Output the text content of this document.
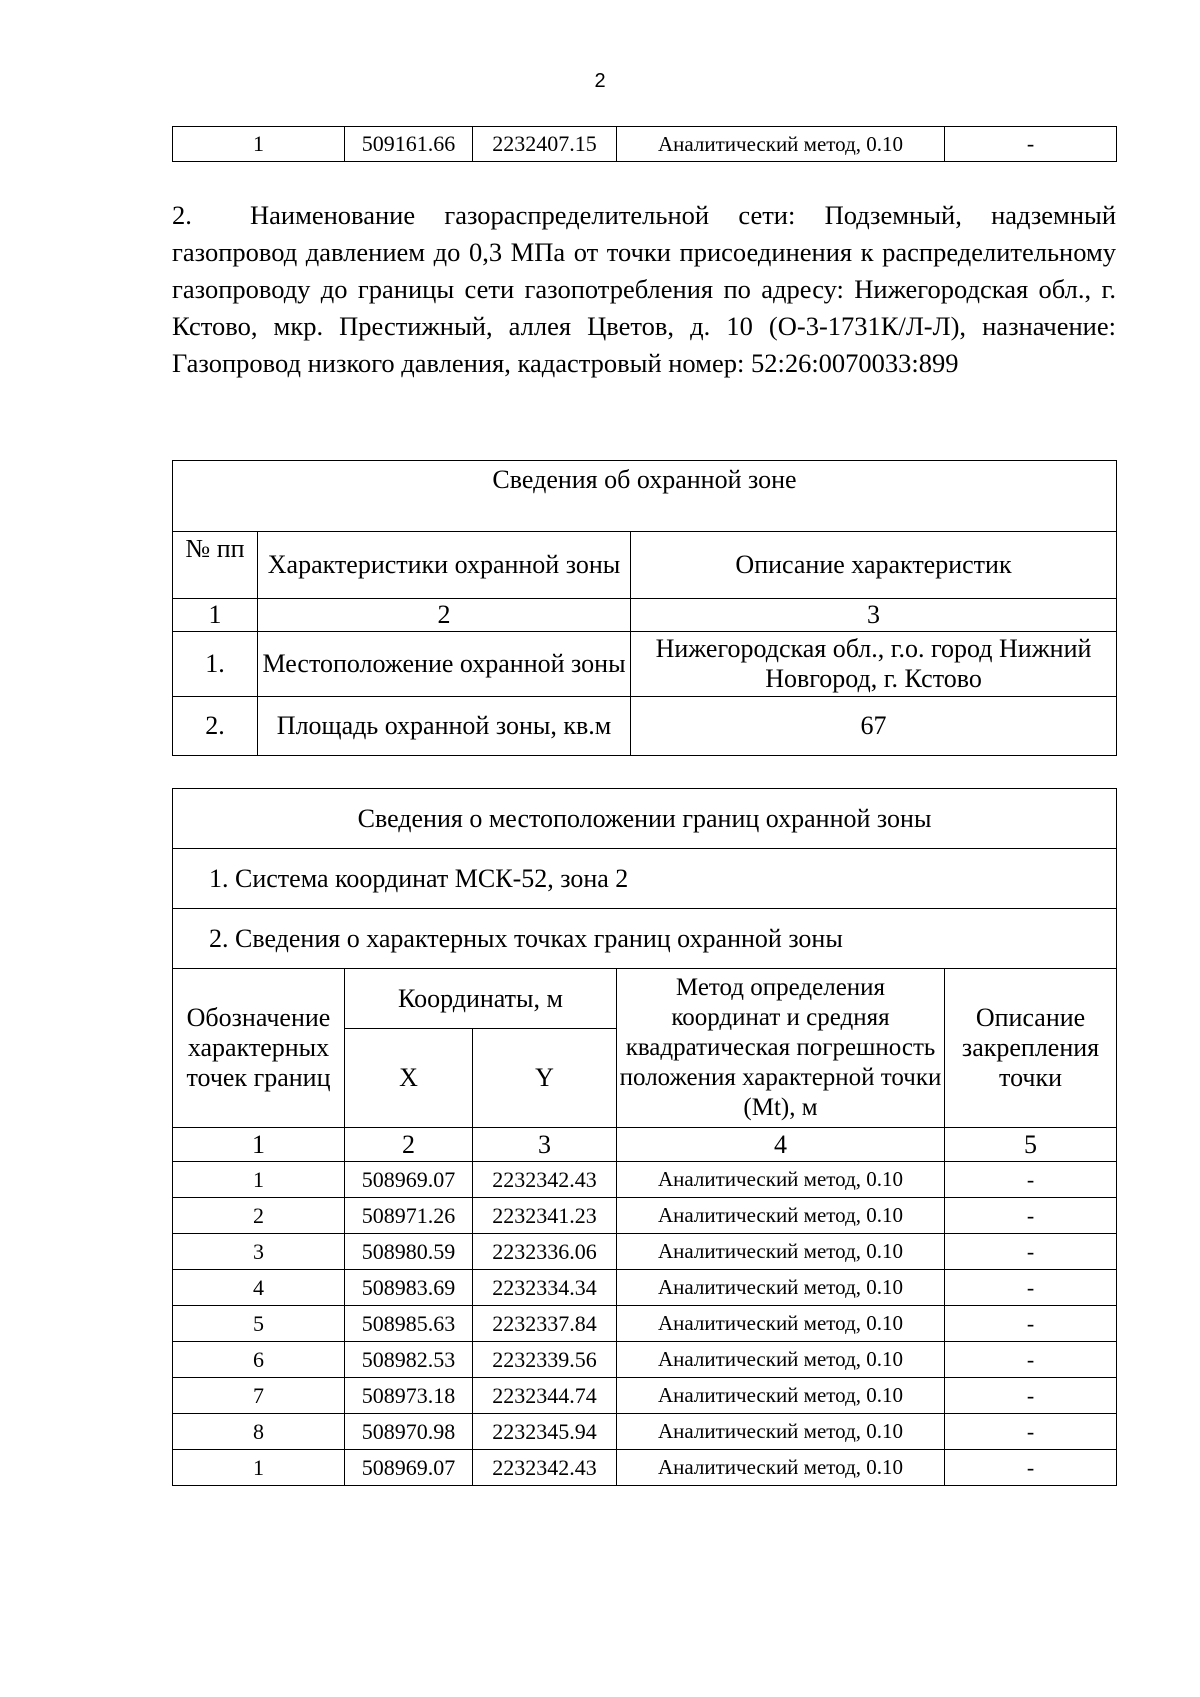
2
1	509161.66	2232407.15	Аналитический метод, 0.10	-
2. Наименование газораспределительной сети: Подземный, надземный газопровод давлением до 0,3 МПа от точки присоединения к распределительному газопроводу до границы сети газопотребления по адресу: Нижегородская обл., г. Кстово, мкр. Престижный, аллея Цветов, д. 10 (О-3-1731К/Л-Л), назначение: Газопровод низкого давления, кадастровый номер: 52:26:0070033:899
Сведения об охранной зоне		
№ пп	Характеристики охранной зоны	Описание характеристик
1	2	3
1.	Местоположение охранной зоны	Нижегородская обл., г.о. город Нижний Новгород, г. Кстово
2.	Площадь охранной зоны, кв.м	67
Сведения о местоположении границ охранной зоны				
1. Система координат МСК-52, зона 2				
2. Сведения о характерных точках границ охранной зоны				
Обозначение характерных точек границ	Координаты, м		Метод определения координат и средняя квадратическая погрешность положения характерной точки (Mt), м	Описание закрепления точки
	X	Y		
1	2	3	4	5
1	508969.07	2232342.43	Аналитический метод, 0.10	-
2	508971.26	2232341.23	Аналитический метод, 0.10	-
3	508980.59	2232336.06	Аналитический метод, 0.10	-
4	508983.69	2232334.34	Аналитический метод, 0.10	-
5	508985.63	2232337.84	Аналитический метод, 0.10	-
6	508982.53	2232339.56	Аналитический метод, 0.10	-
7	508973.18	2232344.74	Аналитический метод, 0.10	-
8	508970.98	2232345.94	Аналитический метод, 0.10	-
1	508969.07	2232342.43	Аналитический метод, 0.10	-
